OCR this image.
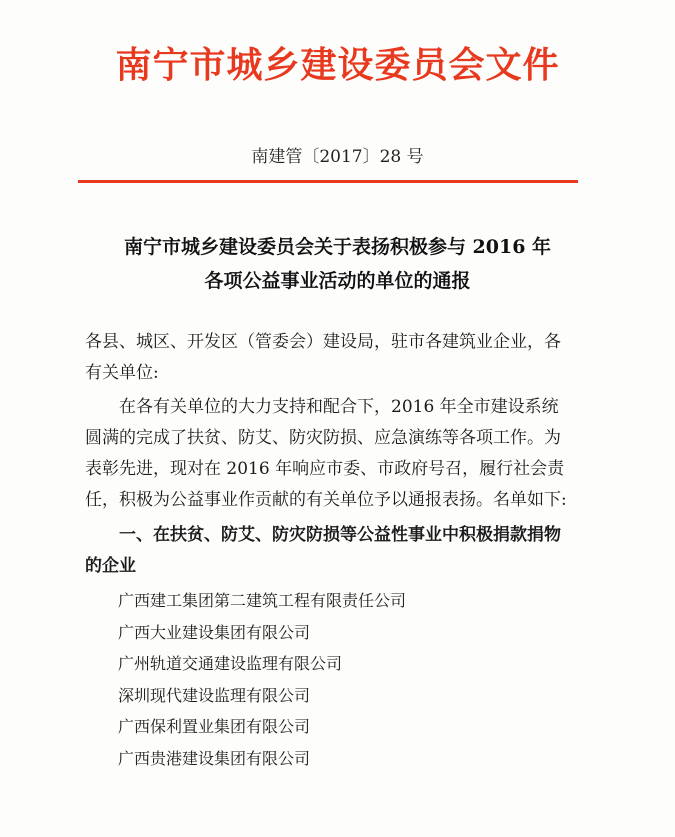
南宁市城乡建设委员会文件
南建管〔2017〕28 号
南宁市城乡建设委员会关于表扬积极参与 2016 年
各项公益事业活动的单位的通报
各县、城区、开发区（管委会）建设局，驻市各建筑业企业，各
有关单位:
在各有关单位的大力支持和配合下，2016 年全市建设系统
圆满的完成了扶贫、防艾、防灾防损、应急演练等各项工作。为
表彰先进，现对在 2016 年响应市委、市政府号召，履行社会责
任，积极为公益事业作贡献的有关单位予以通报表扬。名单如下:
一、在扶贫、防艾、防灾防损等公益性事业中积极捐款捐物
的企业
广西建工集团第二建筑工程有限责任公司
广西大业建设集团有限公司
广州轨道交通建设监理有限公司
深圳现代建设监理有限公司
广西保利置业集团有限公司
广西贵港建设集团有限公司
